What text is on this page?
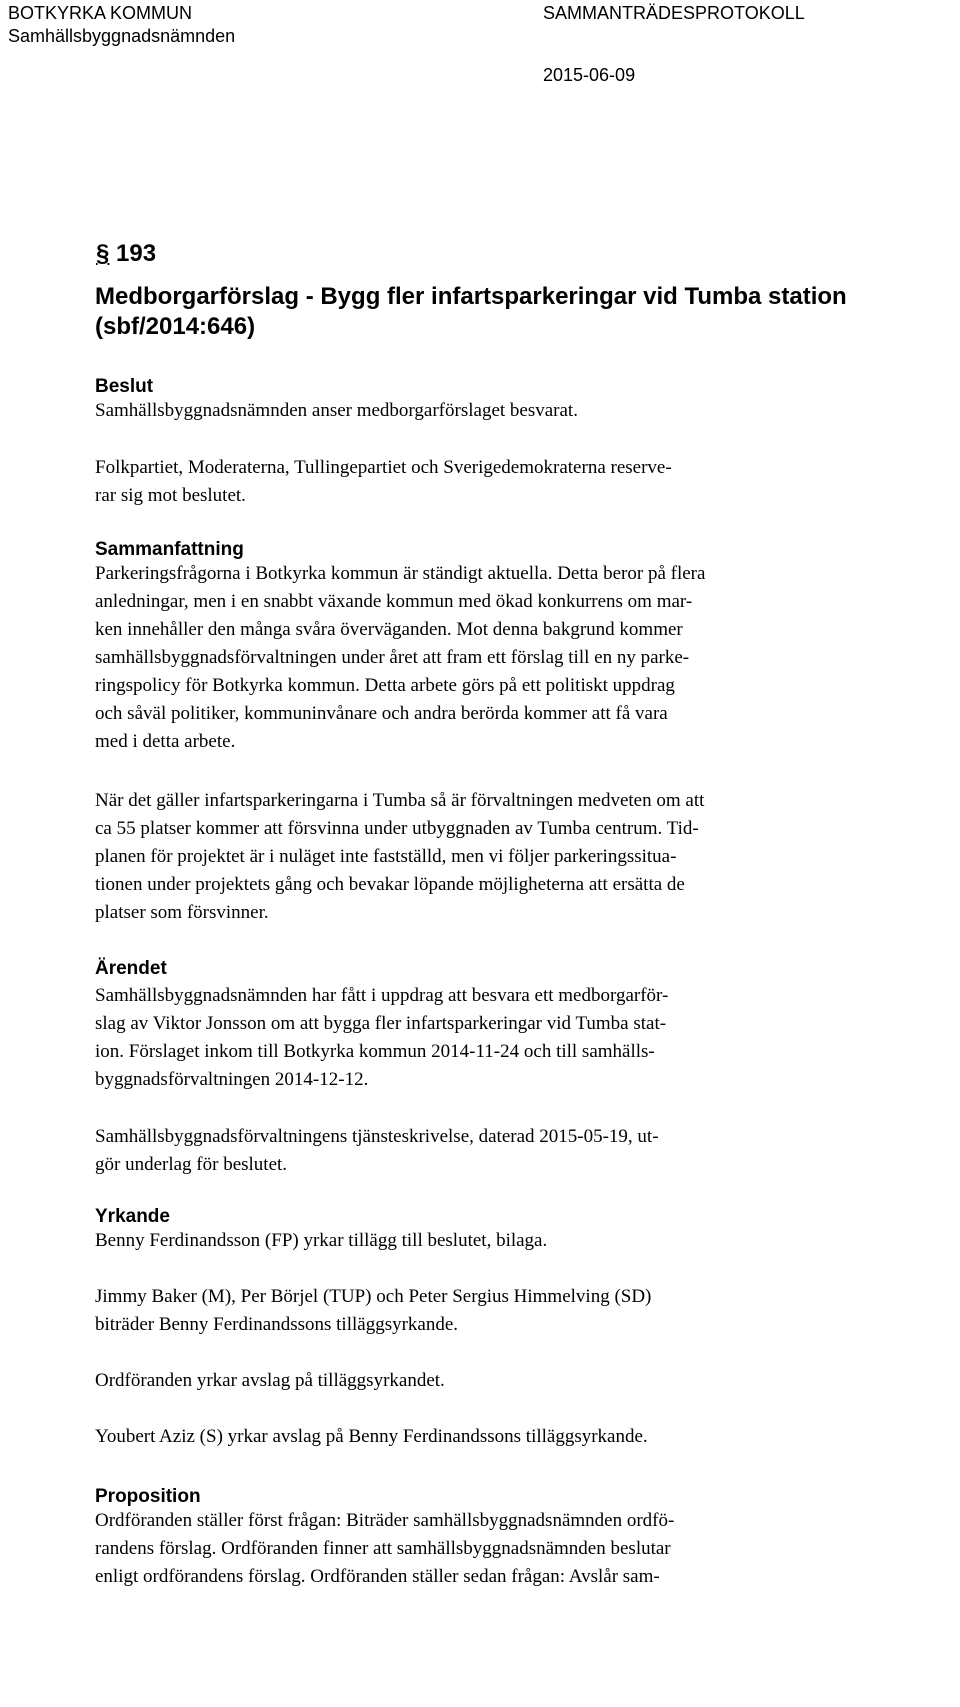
BOTKYRKA KOMMUN
Samhällsbyggnadsnämnden
SAMMANTRÄDESPROTOKOLL
2015-06-09
§ 193
Medborgarförslag - Bygg fler infartsparkeringar vid Tumba station (sbf/2014:646)
Beslut
Samhällsbyggnadsnämnden anser medborgarförslaget besvarat.
Folkpartiet, Moderaterna, Tullingepartiet och Sverigedemokraterna reserve-
rar sig mot beslutet.
Sammanfattning
Parkeringsfrågorna i Botkyrka kommun är ständigt aktuella. Detta beror på flera
anledningar, men i en snabbt växande kommun med ökad konkurrens om mar-
ken innehåller den många svåra överväganden. Mot denna bakgrund kommer
samhällsbyggnadsförvaltningen under året att fram ett förslag till en ny parke-
ringspolicy för Botkyrka kommun. Detta arbete görs på ett politiskt uppdrag
och såväl politiker, kommuninvånare och andra berörda kommer att få vara
med i detta arbete.
När det gäller infartsparkeringarna i Tumba så är förvaltningen medveten om att
ca 55 platser kommer att försvinna under utbyggnaden av Tumba centrum. Tid-
planen för projektet är i nuläget inte fastställd, men vi följer parkeringssitua-
tionen under projektets gång och bevakar löpande möjligheterna att ersätta de
platser som försvinner.
Ärendet
Samhällsbyggnadsnämnden har fått i uppdrag att besvara ett medborgarför-
slag av Viktor Jonsson om att bygga fler infartsparkeringar vid Tumba stat-
ion. Förslaget inkom till Botkyrka kommun 2014-11-24 och till samhälls-
byggnadsförvaltningen 2014-12-12.
Samhällsbyggnadsförvaltningens tjänsteskrivelse, daterad 2015-05-19, ut-
gör underlag för beslutet.
Yrkande
Benny Ferdinandsson (FP) yrkar tillägg till beslutet, bilaga.
Jimmy Baker (M), Per Börjel (TUP) och Peter Sergius Himmelving (SD)
biträder Benny Ferdinandssons tilläggsyrkande.
Ordföranden yrkar avslag på tilläggsyrkandet.
Youbert Aziz (S) yrkar avslag på Benny Ferdinandssons tilläggsyrkande.
Proposition
Ordföranden ställer först frågan: Biträder samhällsbyggnadsnämnden ordfö-
randens förslag. Ordföranden finner att samhällsbyggnadsnämnden beslutar
enligt ordförandens förslag. Ordföranden ställer sedan frågan: Avslår sam-
